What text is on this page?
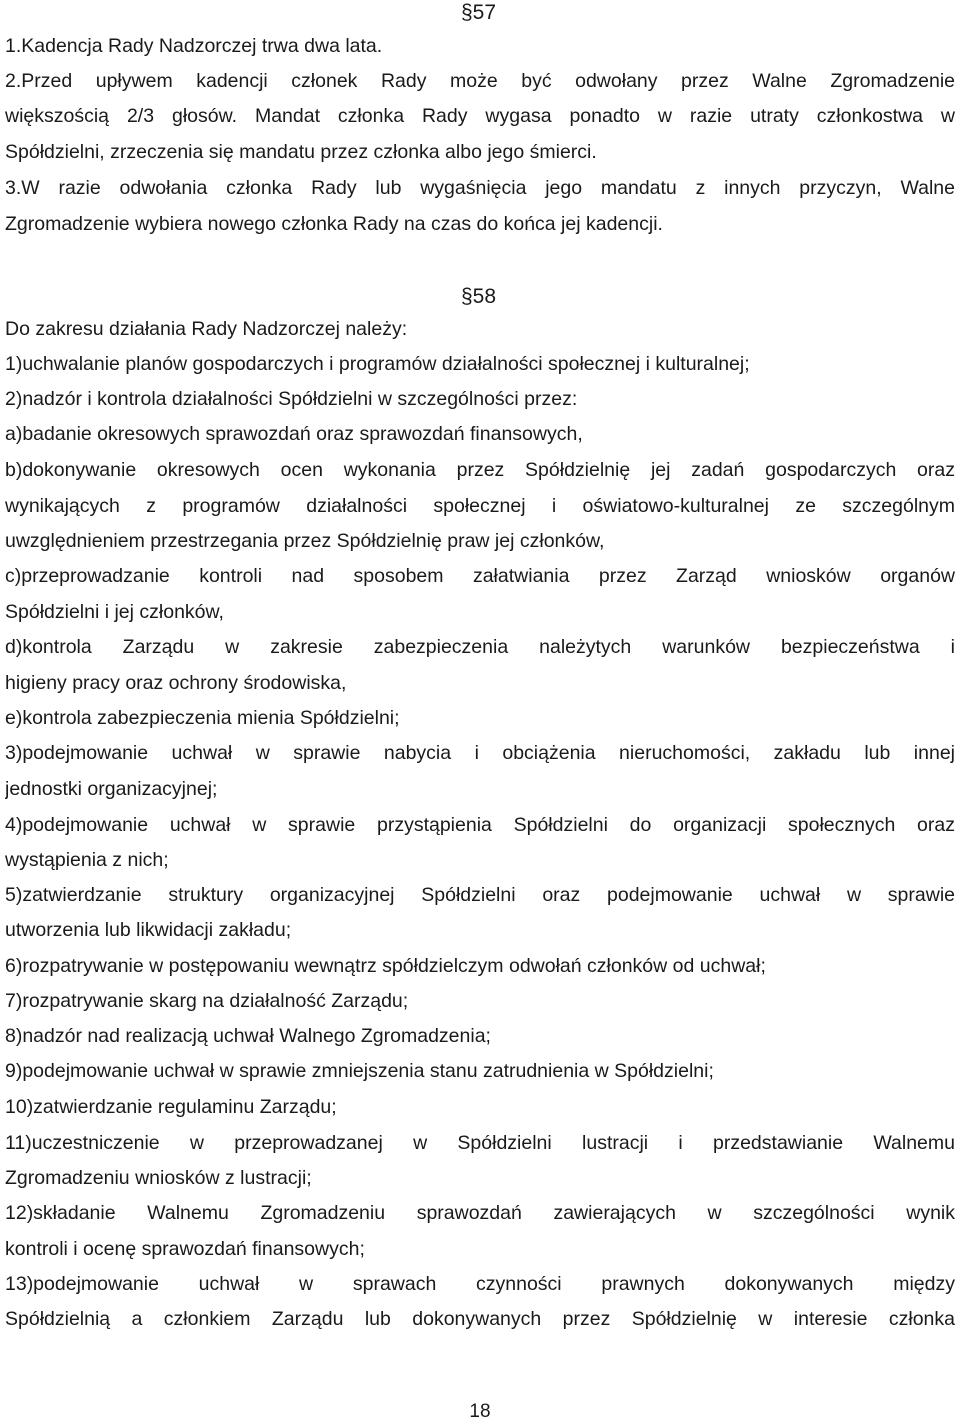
§57

1.Kadencja Rady Nadzorczej trwa dwa lata.

2.Przed upływem kadencji członek Rady może być odwołany przez Walne Zgromadzenie

większością 2/3 głosów. Mandat członka Rady wygasa ponadto w razie utraty członkostwa w

Spółdzielni, zrzeczenia się mandatu przez członka albo jego śmierci.

3.W razie odwołania członka Rady lub wygaśnięcia jego mandatu z innych przyczyn, Walne

Zgromadzenie wybiera nowego członka Rady na czas do końca jej kadencji.

§58

Do zakresu działania Rady Nadzorczej należy:

1)uchwalanie planów gospodarczych i programów działalności społecznej i kulturalnej;

2)nadzór i kontrola działalności Spółdzielni w szczególności przez:

a)badanie okresowych sprawozdań oraz sprawozdań finansowych,

b)dokonywanie okresowych ocen wykonania przez Spółdzielnię jej zadań gospodarczych oraz

wynikających z programów działalności społecznej i oświatowo-kulturalnej ze szczególnym

uwzględnieniem przestrzegania przez Spółdzielnię praw jej członków,

c)przeprowadzanie kontroli nad sposobem załatwiania przez Zarząd wniosków organów

Spółdzielni i jej członków,

d)kontrola Zarządu w zakresie zabezpieczenia należytych warunków bezpieczeństwa i

higieny pracy oraz ochrony środowiska,

e)kontrola zabezpieczenia mienia Spółdzielni;

3)podejmowanie uchwał w sprawie nabycia i obciążenia nieruchomości, zakładu lub innej

jednostki organizacyjnej;

4)podejmowanie uchwał w sprawie przystąpienia Spółdzielni do organizacji społecznych oraz

wystąpienia z nich;

5)zatwierdzanie struktury organizacyjnej Spółdzielni oraz podejmowanie uchwał w sprawie

utworzenia lub likwidacji zakładu;

6)rozpatrywanie w postępowaniu wewnątrz spółdzielczym odwołań członków od uchwał;

7)rozpatrywanie skarg na działalność Zarządu;

8)nadzór nad realizacją uchwał Walnego Zgromadzenia;

9)podejmowanie uchwał w sprawie zmniejszenia stanu zatrudnienia w Spółdzielni;

10)zatwierdzanie regulaminu Zarządu;

11)uczestniczenie w przeprowadzanej w Spółdzielni lustracji i przedstawianie Walnemu

Zgromadzeniu wniosków z lustracji;

12)składanie Walnemu Zgromadzeniu sprawozdań zawierających w szczególności wynik

kontroli i ocenę sprawozdań finansowych;

13)podejmowanie uchwał w sprawach czynności prawnych dokonywanych między

Spółdzielnią a członkiem Zarządu lub dokonywanych przez Spółdzielnię w interesie członka

18
